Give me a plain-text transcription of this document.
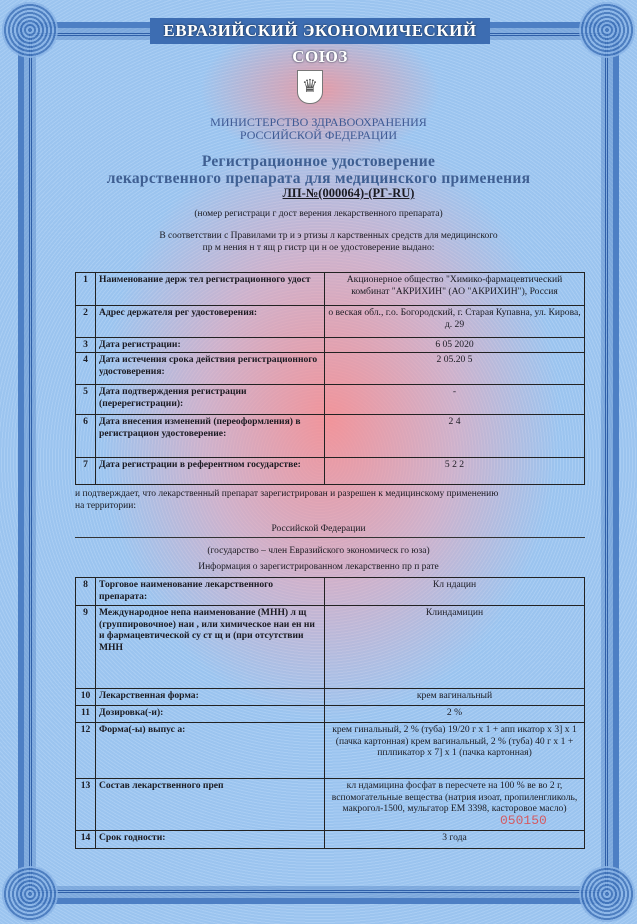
ЕВРАЗИЙСКИЙ ЭКОНОМИЧЕСКИЙ СОЮЗ
♛
МИНИСТЕРСТВО ЗДРАВООХРАНЕНИЯ
РОССИЙСКОЙ ФЕДЕРАЦИИ
Регистрационное удостоверение
лекарственного препарата для медицинского применения
ЛП-№(000064)-(РГ-RU)
(номер регистраци г дост верения лекарственного препарата)
В соответствии с Правилами тр и э ртизы л карственных средств для медицинского
пр м нения н т ящ р гистр ци н ое удостоверение выдано:
1	Наименование держ тел регистрационного удост	Акционерное общество "Химико-фармацевтический комбинат "АКРИХИН" (АО "АКРИХИН"), Россия
2	Адрес держателя рег удостоверения:	о веская обл., г.о. Богородский, г. Старая Купавна, ул. Кирова, д. 29
3	Дата регистрации:	6 05 2020
4	Дата истечения срока действия регистрационного удостоверения:	2 05.20 5
5	Дата подтверждения регистрации (перерегистрации):	-
6	Дата внесения изменений (переоформления) в регистрацион удостоверение:	2 4
7	Дата регистрации в референтном государстве:	5 2 2
и подтверждает, что лекарственный препарат зарегистрирован и разрешен к медицинскому применению
на территории:
Российской Федерации
(государство – член Евразийского экономическ го юза)
Информация о зарегистрированном лекарственно пр п рате
8	Торговое наименование лекарственного препарата:	Кл ндацин
9	Международное непа наименование (МНН) л щ (группировочное) наи , или химическое наи ен ни и фармацевтической су ст щ и (при отсутствии МНН	Клиндамицин
10	Лекарственная форма:	крем вагинальный
11	Дозировка(-и):	2 %
12	Форма(-ы) выпус а:	крем гинальный, 2 % (туба) 19/20 г х 1 + апп икатор х 3] х 1 (пачка картонная) крем вагинальный, 2 % (туба) 40 г х 1 + пплпикатор х 7] х 1 (пачка картонная)
13	Состав лекарственного преп	кл ндамицина фосфат в пересчете на 100 % ве во 2 г, вспомогательные вещества (натрия изоат, пропиленгликоль, макрогол-1500, мульгатор ЕМ 3398, касторовое масло)
14	Срок годности:	3 года
050150
